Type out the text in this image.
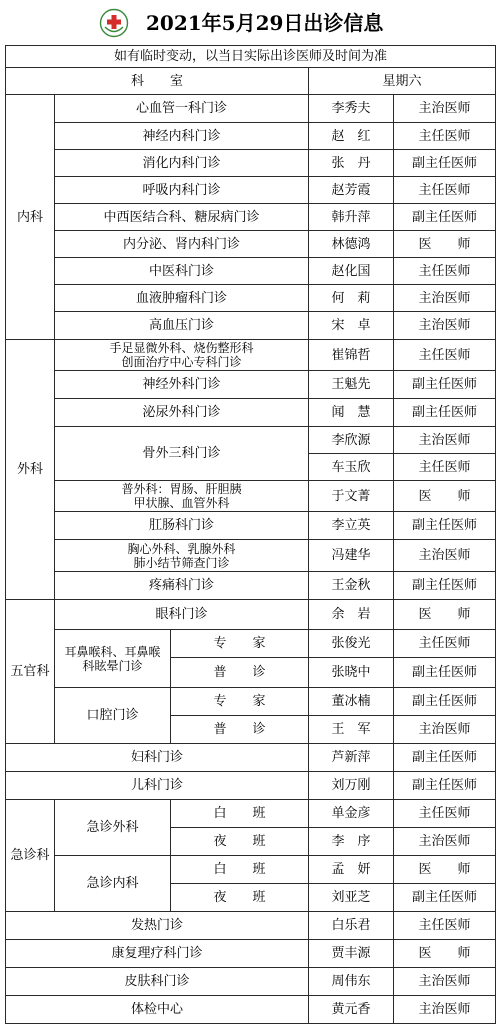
2021年5月29日出诊信息
如有临时变动，以当日实际出诊医师及时间为准				
科　　室			星期六	
内科	心血管一科门诊		李秀夫	主治医师
	神经内科门诊		赵　红	主任医师
	消化内科门诊		张　丹	副主任医师
	呼吸内科门诊		赵芳霞	主任医师
	中西医结合科、糖尿病门诊		韩升萍	副主任医师
	内分泌、肾内科门诊		林德鸿	医　　师
	中医科门诊		赵化国	主任医师
	血液肿瘤科门诊		何　莉	主治医师
	高血压门诊		宋　卓	主治医师
外科	手足显微外科、烧伤整形科
创面治疗中心专科门诊		崔锦哲	主任医师
	神经外科门诊		王魁先	副主任医师
	泌尿外科门诊		闻　慧	副主任医师
	骨外三科门诊		李欣源	主治医师
			车玉欣	主任医师

	普外科：胃肠、肝胆胰
甲状腺、血管外科		于文菁	医　　师
	肛肠科门诊		李立英	副主任医师

	胸心外科、乳腺外科
肺小结节筛查门诊		冯建华	主治医师
	疼痛科门诊		王金秋	副主任医师
五官科	眼科门诊		余　岩	医　　师

	耳鼻喉科、耳鼻喉
科眩晕门诊	专　　家	张俊光	主任医师
		普　　诊	张晓中	副主任医师
	口腔门诊	专　　家	董冰楠	副主任医师
		普　　诊	王　军	主治医师
妇科门诊			芦新萍	副主任医师
儿科门诊			刘万刚	副主任医师
急诊科	急诊外科	白　　班	单金彦	主任医师
		夜　　班	李　序	主治医师
	急诊内科	白　　班	孟　妍	医　　师
		夜　　班	刘亚芝	副主任医师
发热门诊			白乐君	主任医师
康复理疗科门诊			贾丰源	医　　师
皮肤科门诊			周伟东	主治医师
体检中心			黄元香	主治医师
